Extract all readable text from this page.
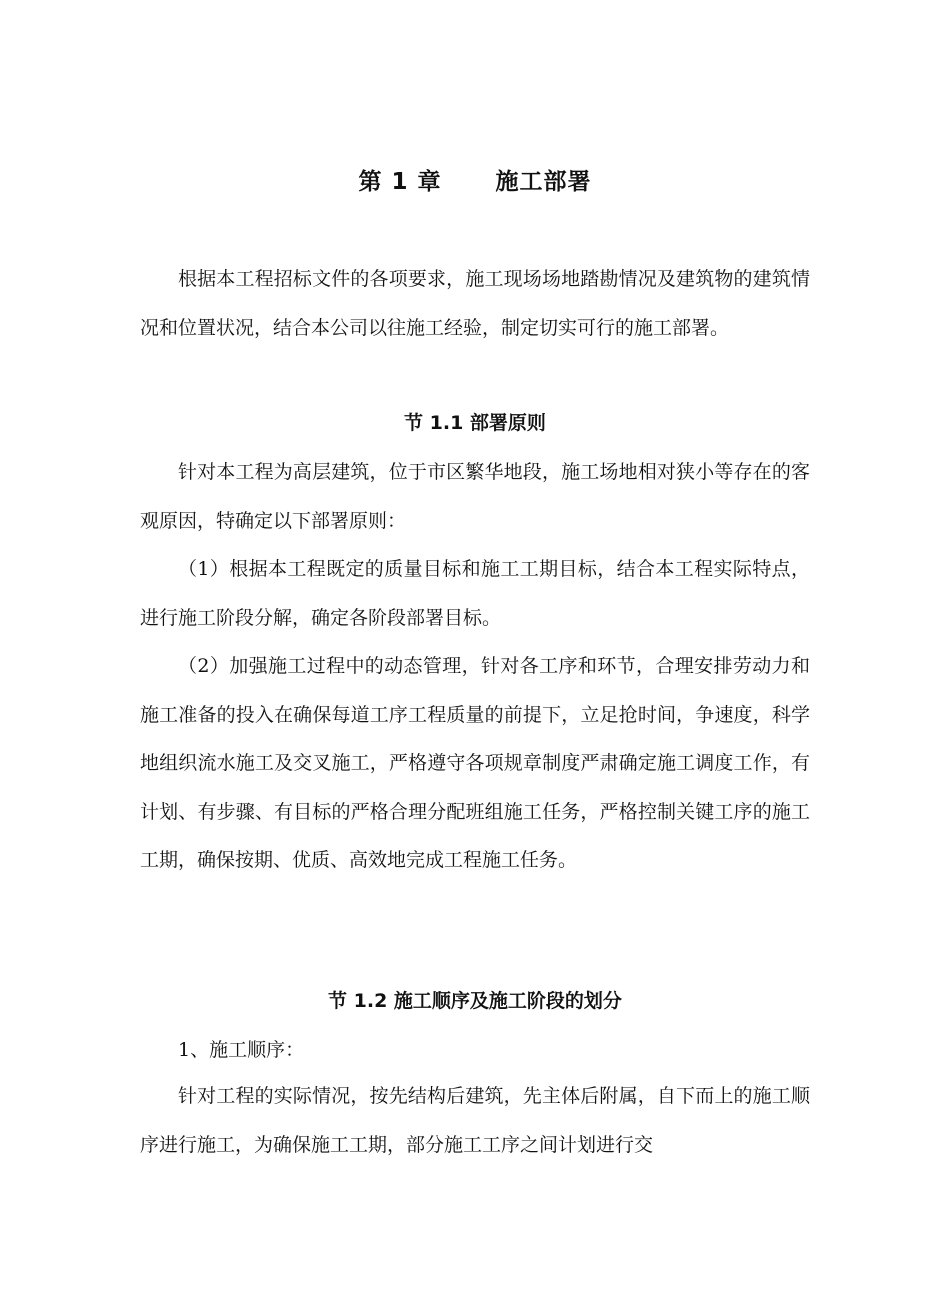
第 1 章      施工部署

根据本工程招标文件的各项要求，施工现场场地踏勘情况及建筑物的建筑情况和位置状况，结合本公司以往施工经验，制定切实可行的施工部署。

节 1.1 部署原则

针对本工程为高层建筑，位于市区繁华地段，施工场地相对狭小等存在的客观原因，特确定以下部署原则：

（1）根据本工程既定的质量目标和施工工期目标，结合本工程实际特点，进行施工阶段分解，确定各阶段部署目标。

（2）加强施工过程中的动态管理，针对各工序和环节，合理安排劳动力和施工准备的投入在确保每道工序工程质量的前提下，立足抢时间，争速度，科学地组织流水施工及交叉施工，严格遵守各项规章制度严肃确定施工调度工作，有计划、有步骤、有目标的严格合理分配班组施工任务，严格控制关键工序的施工工期，确保按期、优质、高效地完成工程施工任务。

节 1.2 施工顺序及施工阶段的划分

1、施工顺序：

针对工程的实际情况，按先结构后建筑，先主体后附属，自下而上的施工顺序进行施工，为确保施工工期，部分施工工序之间计划进行交
